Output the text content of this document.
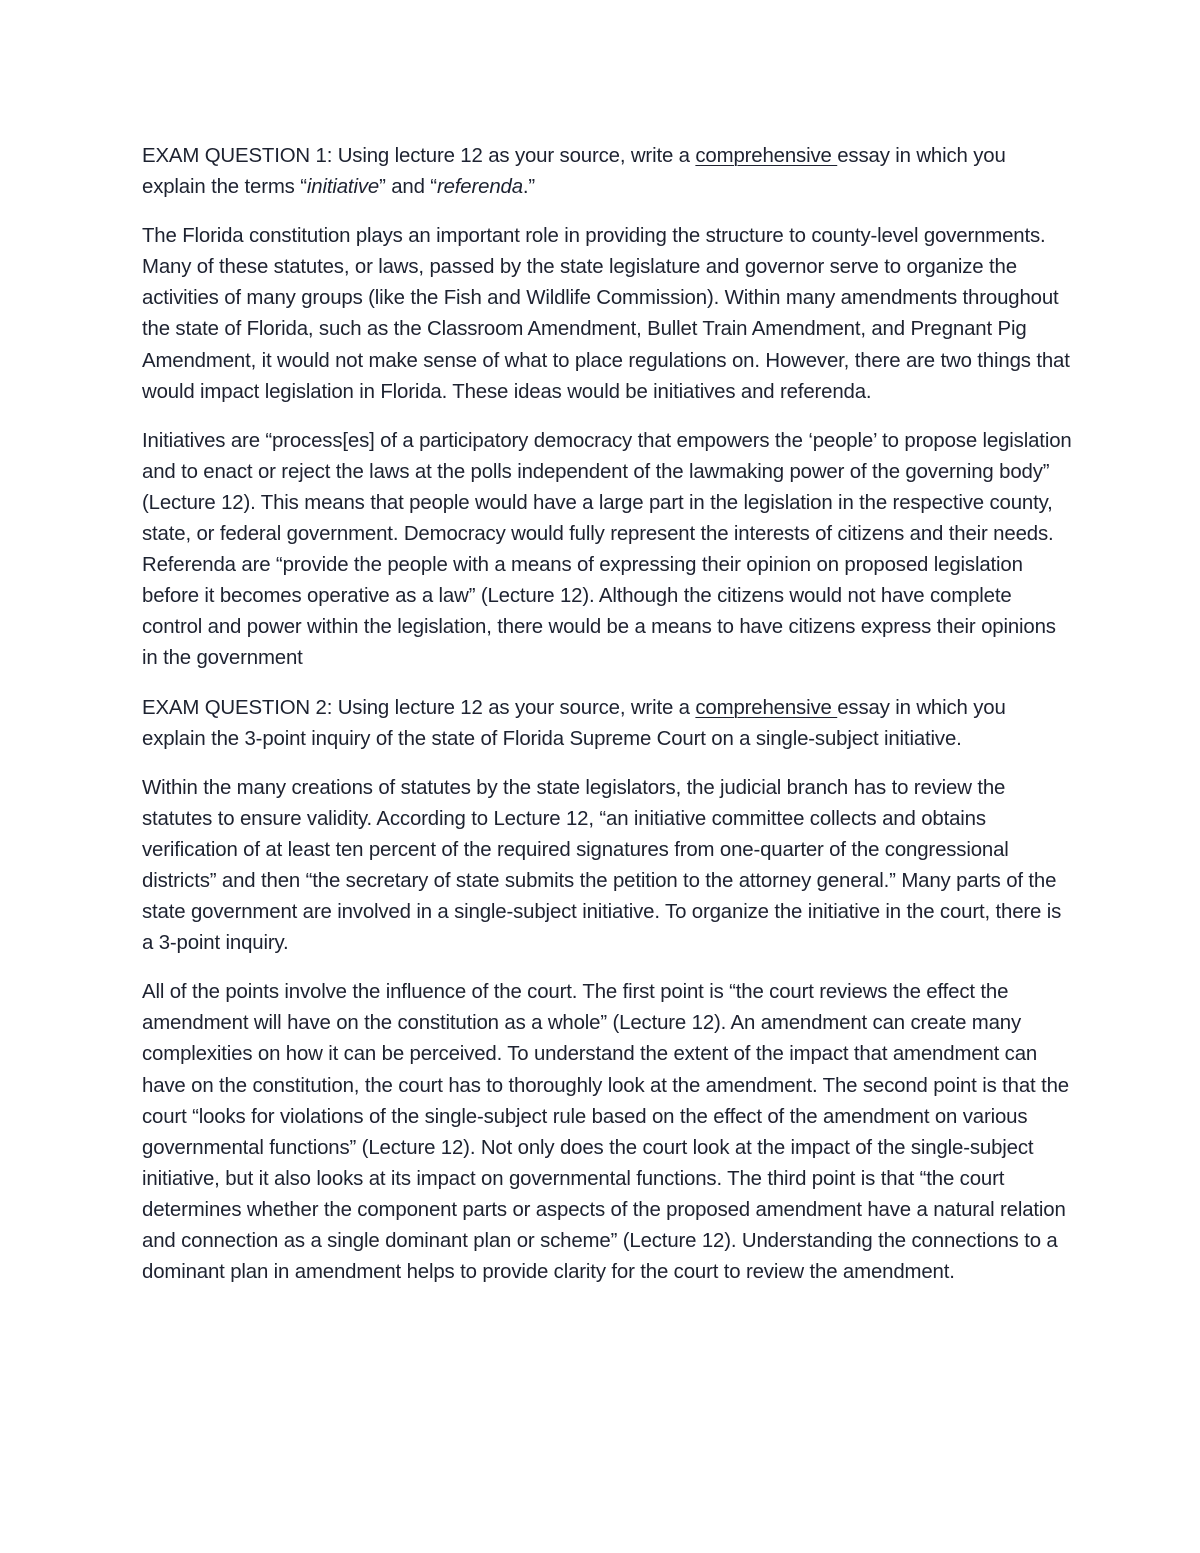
EXAM QUESTION 1: Using lecture 12 as your source, write a comprehensive essay in which you explain the terms “initiative” and “referenda.”

The Florida constitution plays an important role in providing the structure to county-level governments. Many of these statutes, or laws, passed by the state legislature and governor serve to organize the activities of many groups (like the Fish and Wildlife Commission). Within many amendments throughout the state of Florida, such as the Classroom Amendment, Bullet Train Amendment, and Pregnant Pig Amendment, it would not make sense of what to place regulations on. However, there are two things that would impact legislation in Florida. These ideas would be initiatives and referenda.

Initiatives are “process[es] of a participatory democracy that empowers the ‘people’ to propose legislation and to enact or reject the laws at the polls independent of the lawmaking power of the governing body” (Lecture 12). This means that people would have a large part in the legislation in the respective county, state, or federal government. Democracy would fully represent the interests of citizens and their needs. Referenda are “provide the people with a means of expressing their opinion on proposed legislation before it becomes operative as a law” (Lecture 12). Although the citizens would not have complete control and power within the legislation, there would be a means to have citizens express their opinions in the government

EXAM QUESTION 2: Using lecture 12 as your source, write a comprehensive essay in which you explain the 3-point inquiry of the state of Florida Supreme Court on a single-subject initiative.

Within the many creations of statutes by the state legislators, the judicial branch has to review the statutes to ensure validity. According to Lecture 12, “an initiative committee collects and obtains verification of at least ten percent of the required signatures from one-quarter of the congressional districts” and then “the secretary of state submits the petition to the attorney general.” Many parts of the state government are involved in a single-subject initiative. To organize the initiative in the court, there is a 3-point inquiry.

All of the points involve the influence of the court. The first point is “the court reviews the effect the amendment will have on the constitution as a whole” (Lecture 12). An amendment can create many complexities on how it can be perceived. To understand the extent of the impact that amendment can have on the constitution, the court has to thoroughly look at the amendment. The second point is that the court “looks for violations of the single-subject rule based on the effect of the amendment on various governmental functions” (Lecture 12). Not only does the court look at the impact of the single-subject initiative, but it also looks at its impact on governmental functions. The third point is that “the court determines whether the component parts or aspects of the proposed amendment have a natural relation and connection as a single dominant plan or scheme” (Lecture 12). Understanding the connections to a dominant plan in amendment helps to provide clarity for the court to review the amendment.
